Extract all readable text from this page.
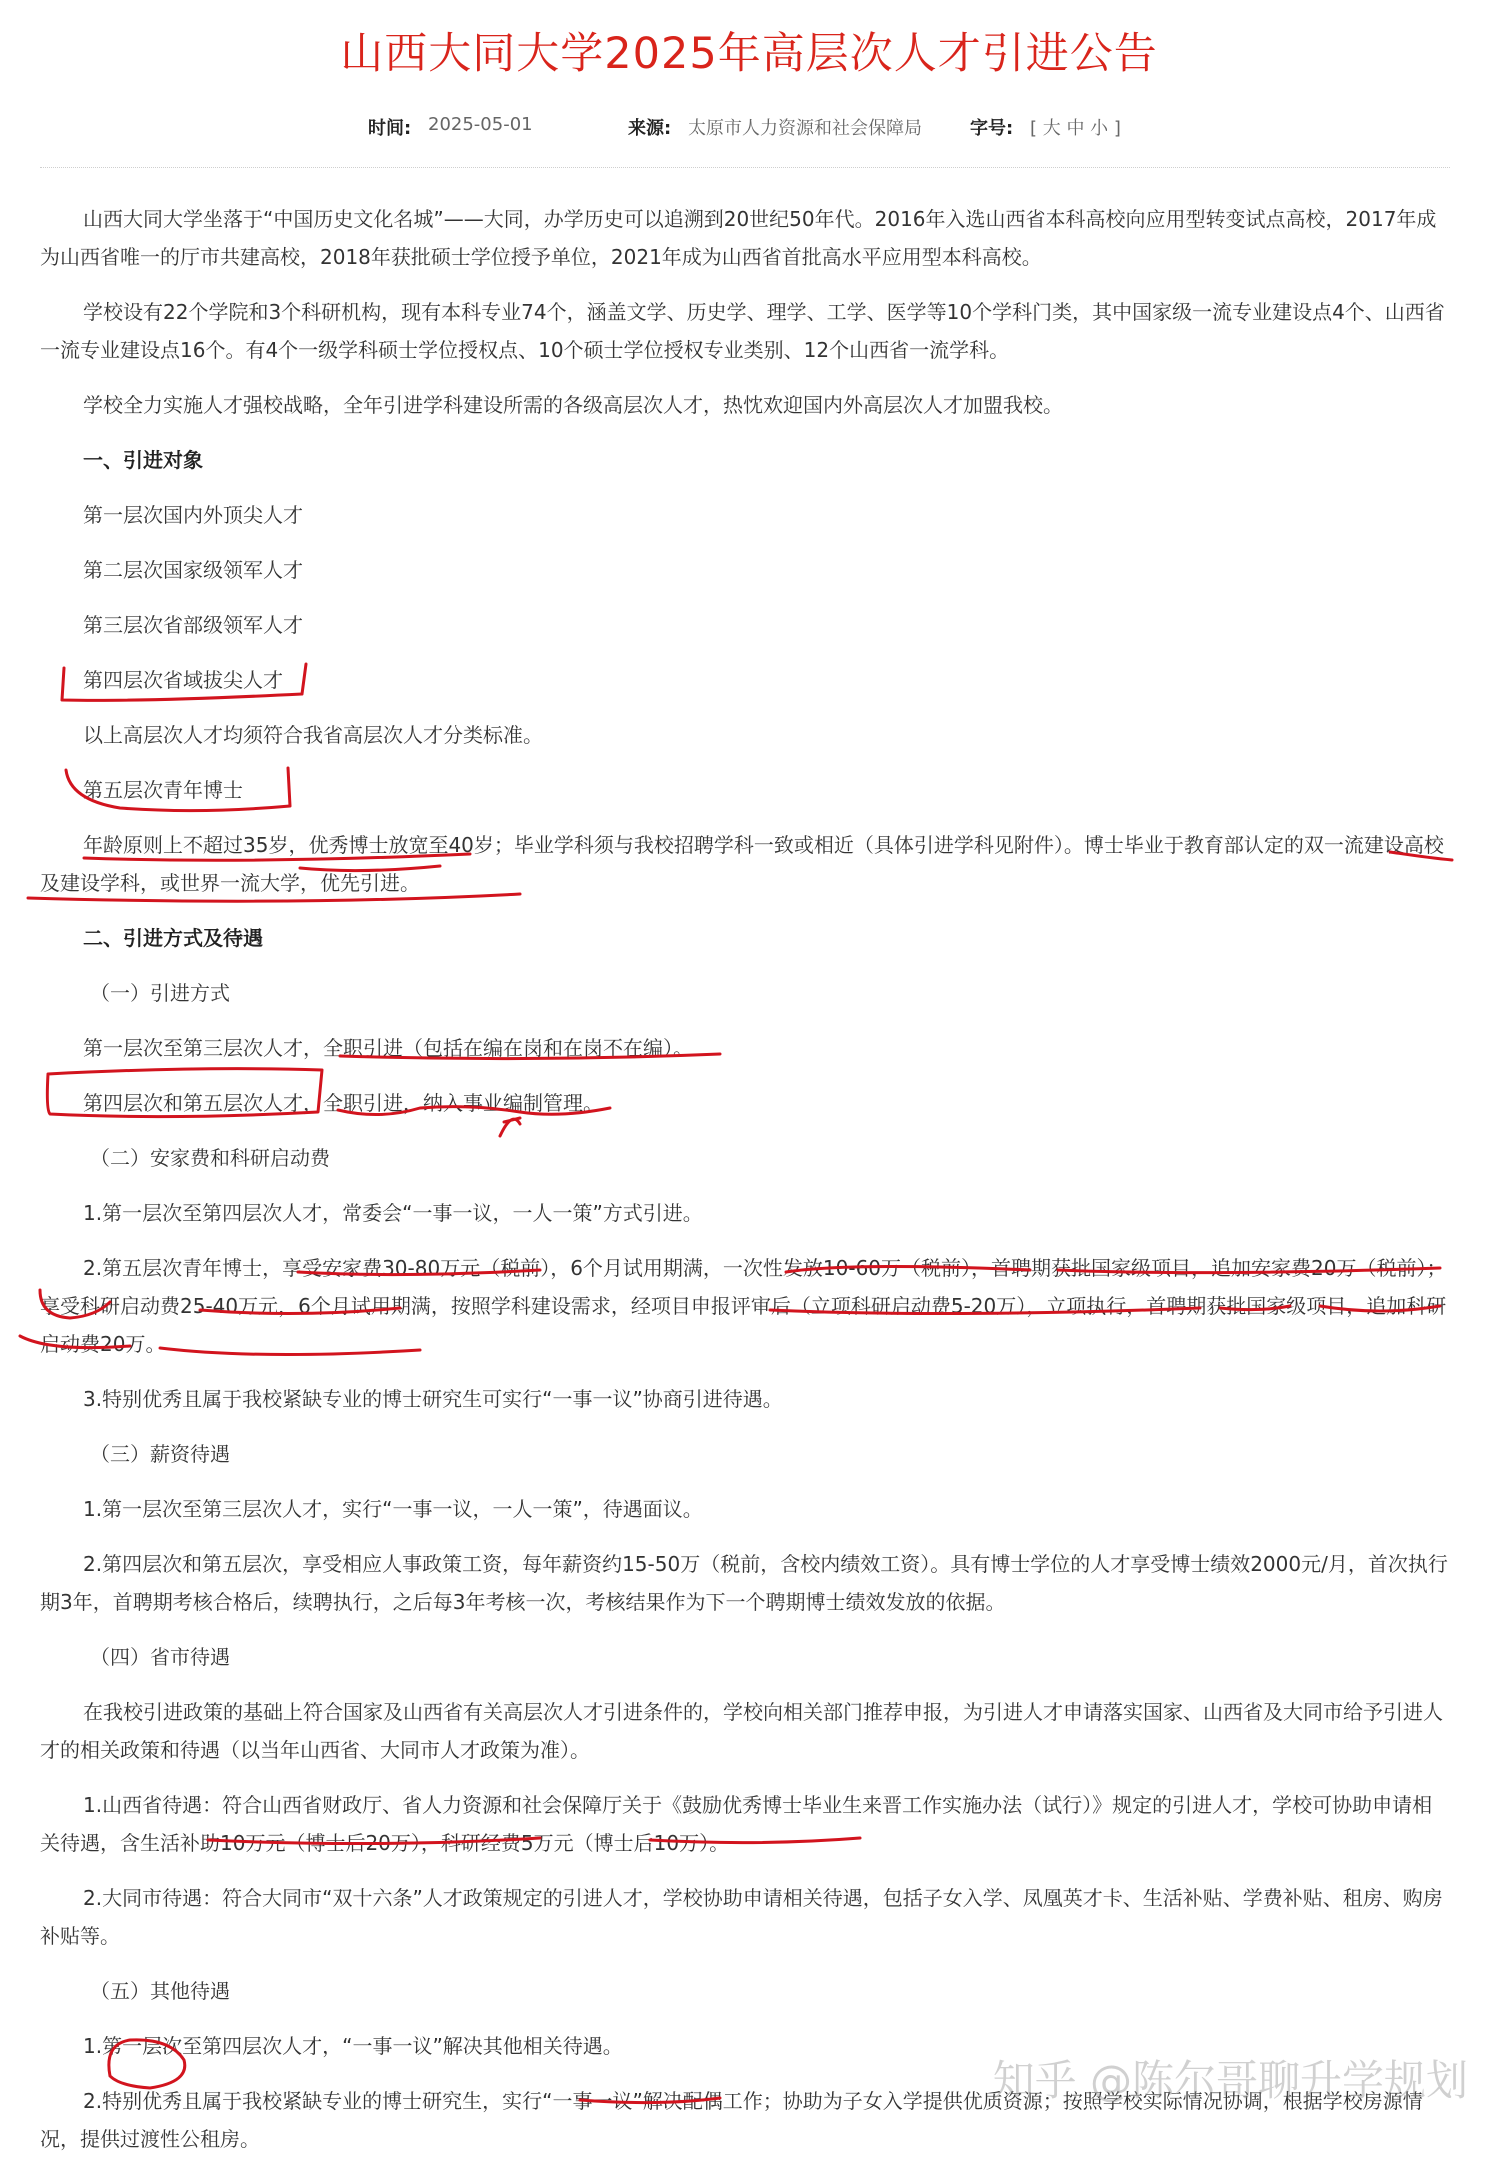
山西大同大学2025年高层次人才引进公告
时间: 2025-05-01	来源: 太原市人力资源和社会保障局	字号: [ 大 中 小 ]

山西大同大学坐落于“中国历史文化名城”——大同，办学历史可以追溯到20世纪50年代。2016年入选山西省本科高校向应用型转变试点高校，2017年成为山西省唯一的厅市共建高校，2018年获批硕士学位授予单位，2021年成为山西省首批高水平应用型本科高校。

学校设有22个学院和3个科研机构，现有本科专业74个，涵盖文学、历史学、理学、工学、医学等10个学科门类，其中国家级一流专业建设点4个、山西省一流专业建设点16个。有4个一级学科硕士学位授权点、10个硕士学位授权专业类别、12个山西省一流学科。

学校全力实施人才强校战略，全年引进学科建设所需的各级高层次人才，热忱欢迎国内外高层次人才加盟我校。

一、引进对象

第一层次国内外顶尖人才

第二层次国家级领军人才

第三层次省部级领军人才

第四层次省域拔尖人才

以上高层次人才均须符合我省高层次人才分类标准。

第五层次青年博士

年龄原则上不超过35岁，优秀博士放宽至40岁；毕业学科须与我校招聘学科一致或相近（具体引进学科见附件）。博士毕业于教育部认定的双一流建设高校及建设学科，或世界一流大学，优先引进。

二、引进方式及待遇

（一）引进方式

第一层次至第三层次人才，全职引进（包括在编在岗和在岗不在编）。

第四层次和第五层次人才，全职引进，纳入事业编制管理。

（二）安家费和科研启动费

1.第一层次至第四层次人才，常委会“一事一议，一人一策”方式引进。

2.第五层次青年博士，享受安家费30-80万元（税前），6个月试用期满，一次性发放10-60万（税前），首聘期获批国家级项目，追加安家费20万（税前）；享受科研启动费25-40万元，6个月试用期满，按照学科建设需求，经项目申报评审后（立项科研启动费5-20万），立项执行，首聘期获批国家级项目，追加科研启动费20万。

3.特别优秀且属于我校紧缺专业的博士研究生可实行“一事一议”协商引进待遇。

（三）薪资待遇

1.第一层次至第三层次人才，实行“一事一议，一人一策”，待遇面议。

2.第四层次和第五层次，享受相应人事政策工资，每年薪资约15-50万（税前，含校内绩效工资）。具有博士学位的人才享受博士绩效2000元/月，首次执行期3年，首聘期考核合格后，续聘执行，之后每3年考核一次，考核结果作为下一个聘期博士绩效发放的依据。

（四）省市待遇

在我校引进政策的基础上符合国家及山西省有关高层次人才引进条件的，学校向相关部门推荐申报，为引进人才申请落实国家、山西省及大同市给予引进人才的相关政策和待遇（以当年山西省、大同市人才政策为准）。

1.山西省待遇：符合山西省财政厅、省人力资源和社会保障厅关于《鼓励优秀博士毕业生来晋工作实施办法（试行）》规定的引进人才，学校可协助申请相关待遇，含生活补助10万元（博士后20万），科研经费5万元（博士后10万）。

2.大同市待遇：符合大同市“双十六条”人才政策规定的引进人才，学校协助申请相关待遇，包括子女入学、凤凰英才卡、生活补贴、学费补贴、租房、购房补贴等。

（五）其他待遇

1.第一层次至第四层次人才，“一事一议”解决其他相关待遇。

2.特别优秀且属于我校紧缺专业的博士研究生，实行“一事一议”解决配偶工作；协助为子女入学提供优质资源；按照学校实际情况协调，根据学校房源情况，提供过渡性公租房。

知乎 @陈尔哥聊升学规划
